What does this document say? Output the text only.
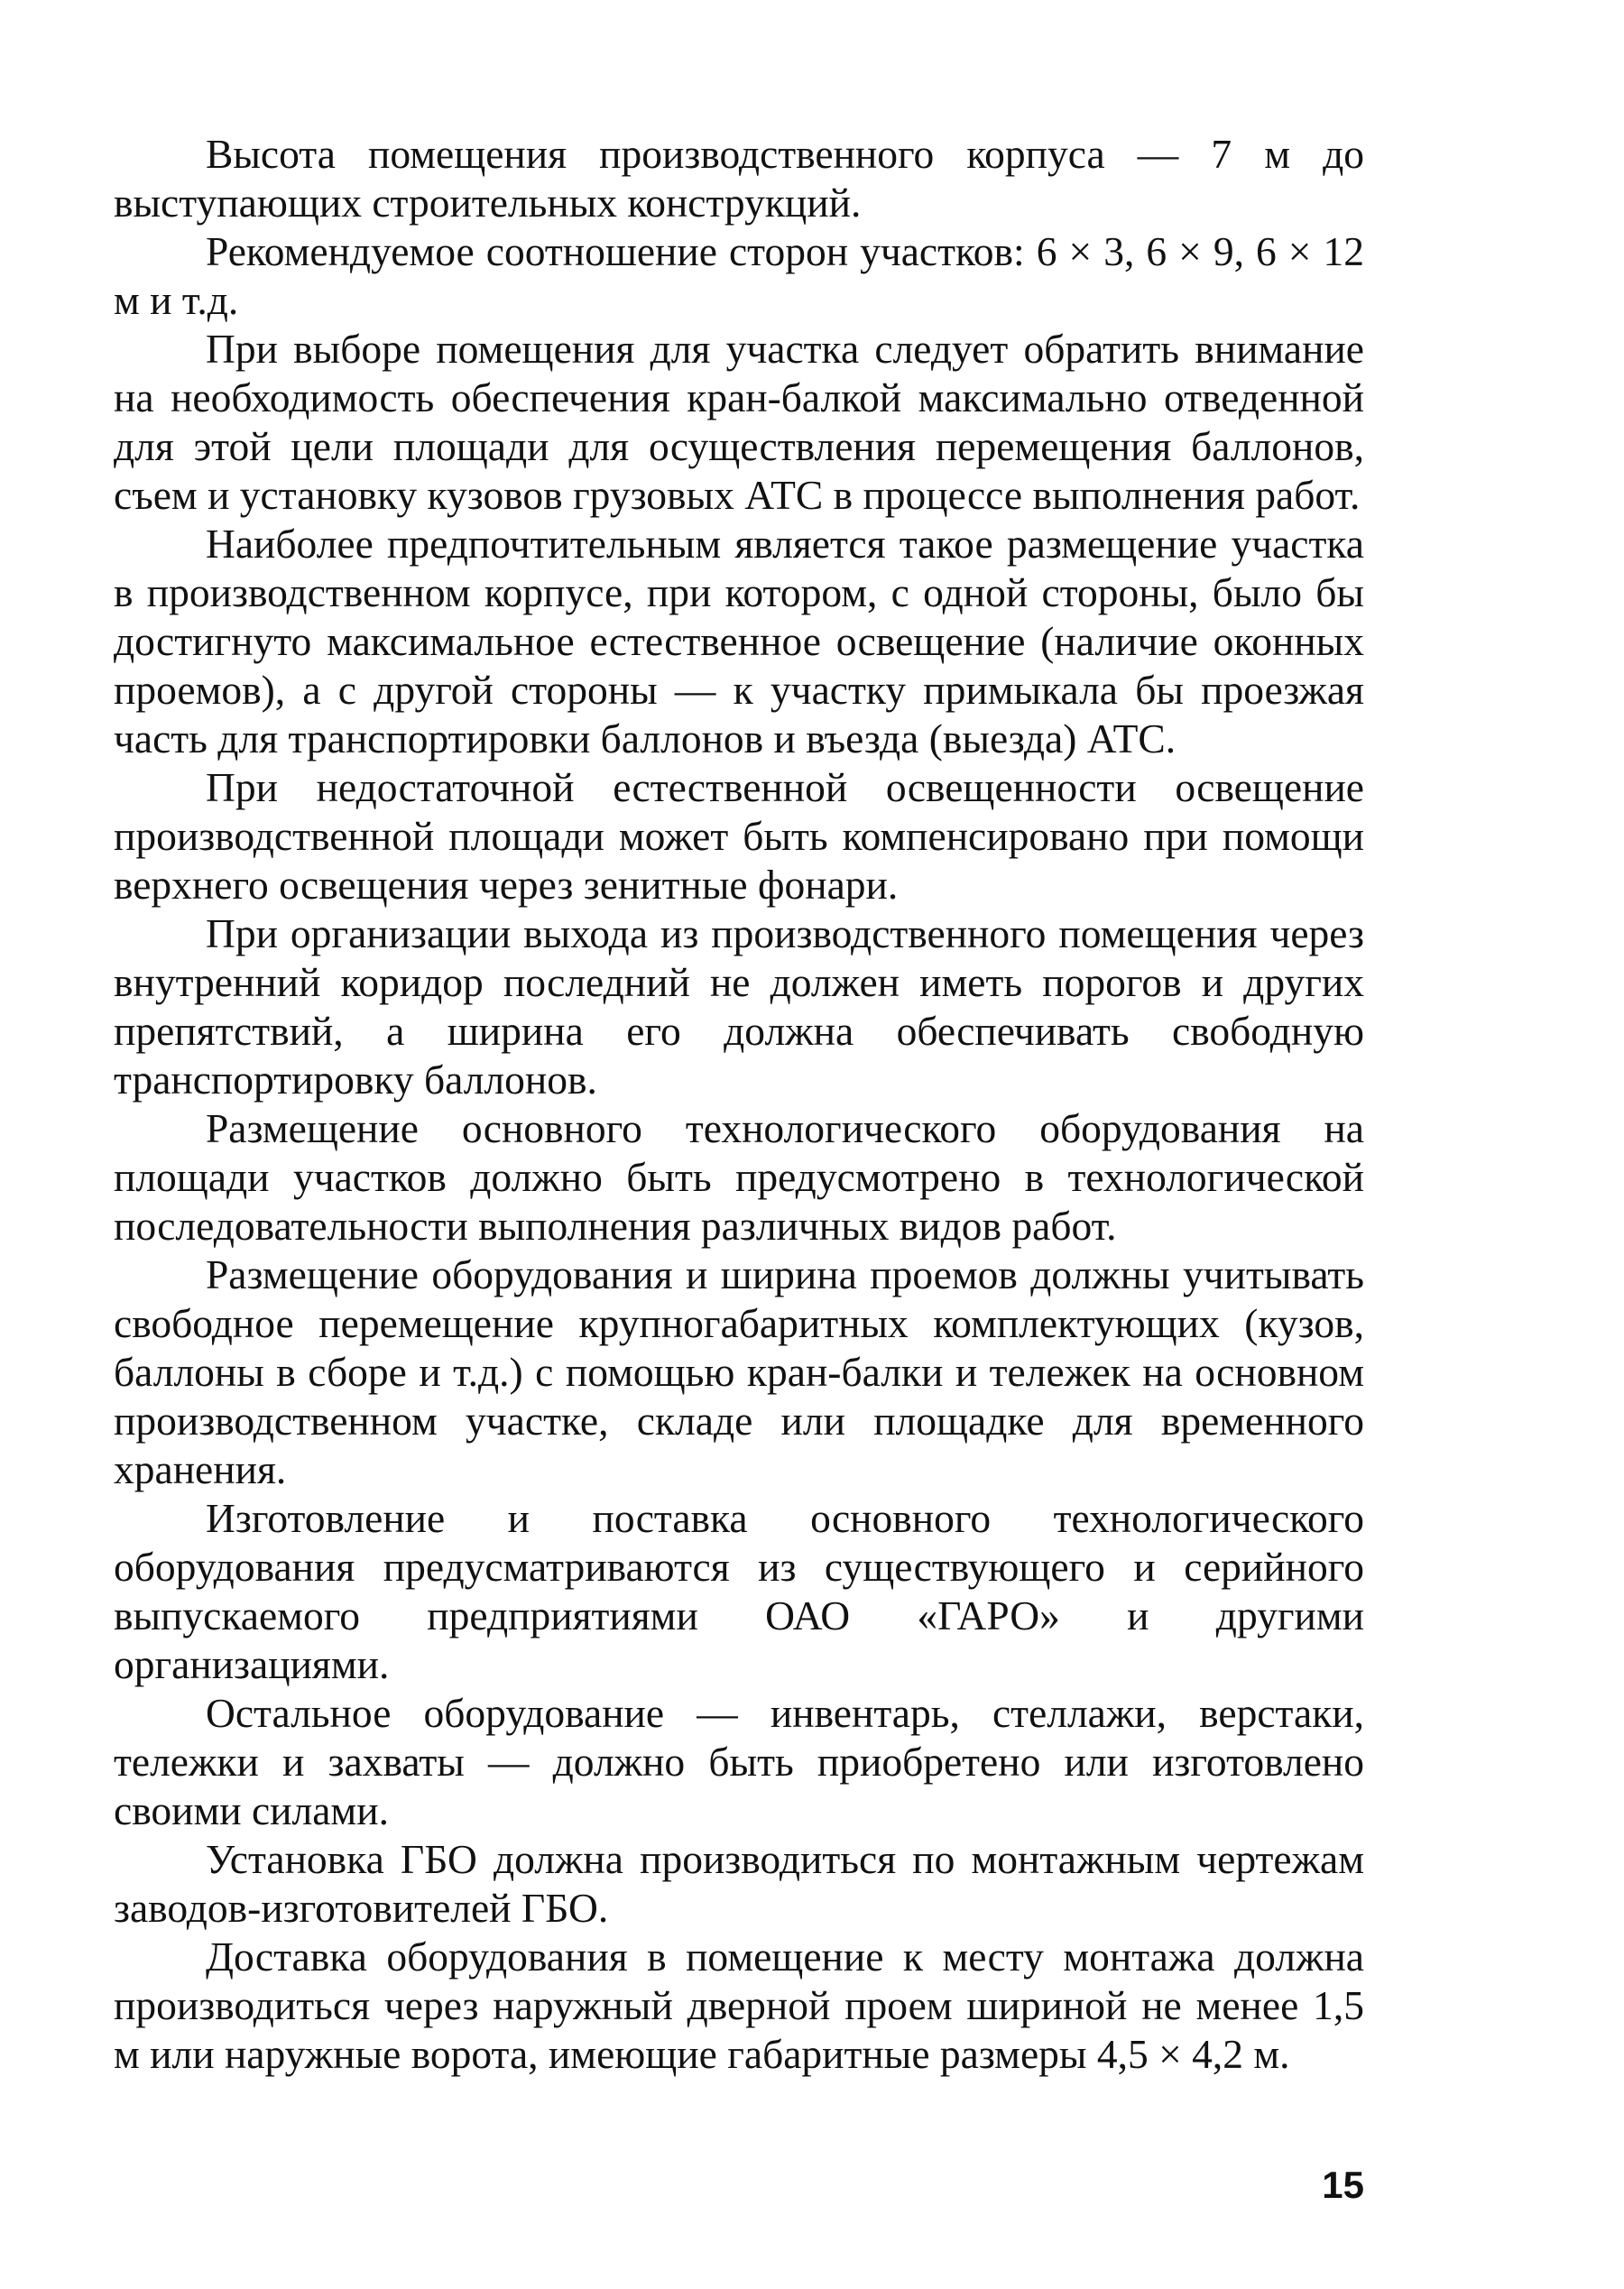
Высота помещения производственного корпуса — 7 м до выступающих строительных конструкций.

Рекомендуемое соотношение сторон участков: 6 × 3, 6 × 9, 6 × 12 м и т.д.

При выборе помещения для участка следует обратить внимание на необходимость обеспечения кран-балкой максимально отведенной для этой цели площади для осуществления перемещения баллонов, съем и установку кузовов грузовых АТС в процессе выполнения работ.

Наиболее предпочтительным является такое размещение участка в производственном корпусе, при котором, с одной стороны, было бы достигнуто максимальное естественное освещение (наличие оконных проемов), а с другой стороны — к участку примыкала бы проезжая часть для транспортировки баллонов и въезда (выезда) АТС.

При недостаточной естественной освещенности освещение производственной площади может быть компенсировано при помощи верхнего освещения через зенитные фонари.

При организации выхода из производственного помещения через внутренний коридор последний не должен иметь порогов и других препятствий, а ширина его должна обеспечивать свободную транспортировку баллонов.

Размещение основного технологического оборудования на площади участков должно быть предусмотрено в технологической последовательности выполнения различных видов работ.

Размещение оборудования и ширина проемов должны учитывать свободное перемещение крупногабаритных комплектующих (кузов, баллоны в сборе и т.д.) с помощью кран-балки и тележек на основном производственном участке, складе или площадке для временного хранения.

Изготовление и поставка основного технологического оборудования предусматриваются из существующего и серийного выпускаемого предприятиями ОАО «ГАРО» и другими организациями.

Остальное оборудование — инвентарь, стеллажи, верстаки, тележки и захваты — должно быть приобретено или изготовлено своими силами.

Установка ГБО должна производиться по монтажным чертежам заводов-изготовителей ГБО.

Доставка оборудования в помещение к месту монтажа должна производиться через наружный дверной проем шириной не менее 1,5 м или наружные ворота, имеющие габаритные размеры 4,5 × 4,2 м.

15
